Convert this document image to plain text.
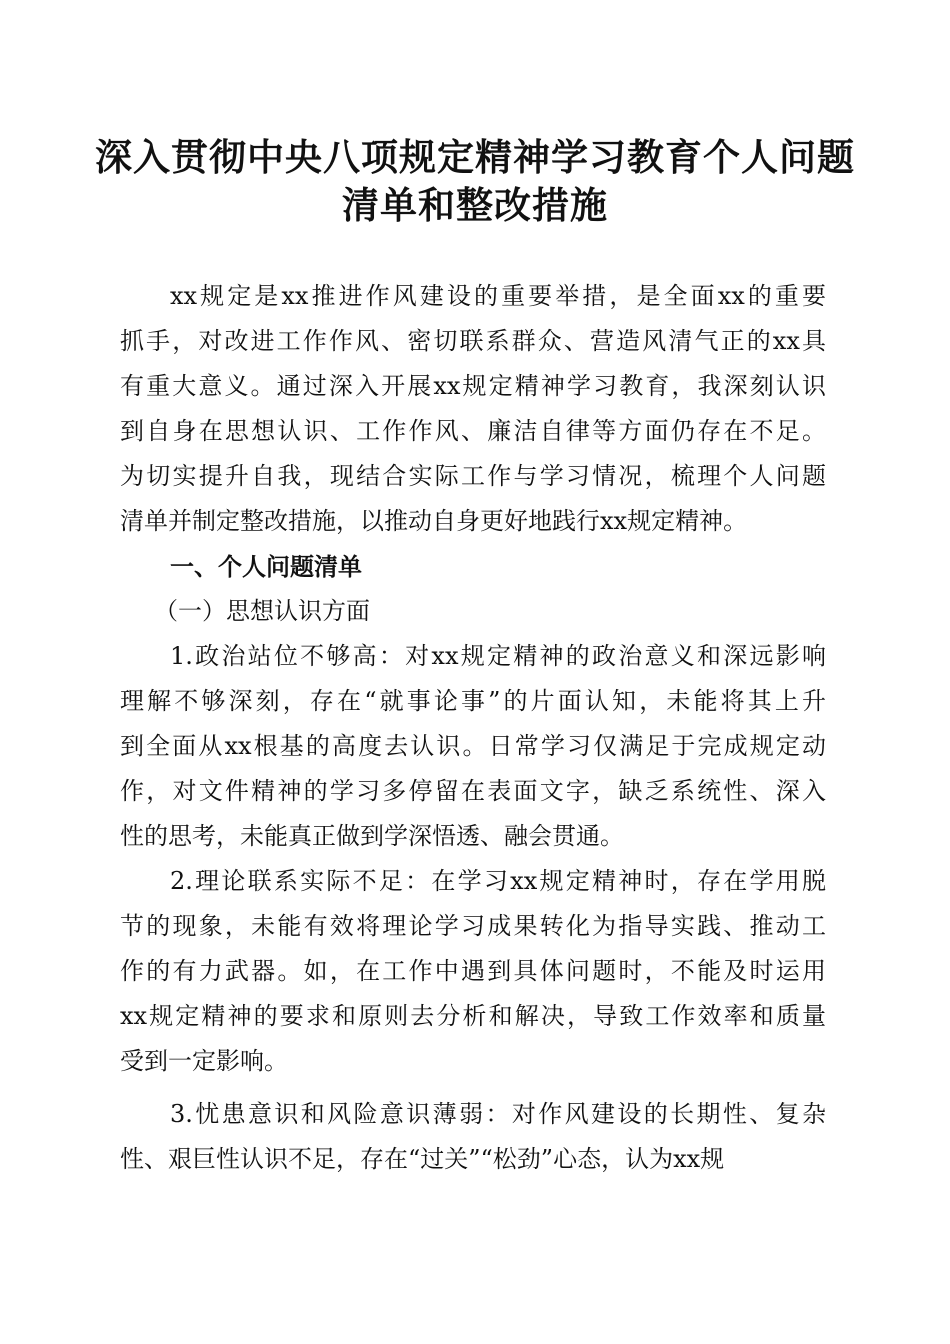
深入贯彻中央八项规定精神学习教育个人问题
清单和整改措施
xx规定是xx推进作风建设的重要举措，是全面xx的重要
抓手，对改进工作作风、密切联系群众、营造风清气正的xx具
有重大意义。通过深入开展xx规定精神学习教育，我深刻认识
到自身在思想认识、工作作风、廉洁自律等方面仍存在不足。
为切实提升自我，现结合实际工作与学习情况，梳理个人问题
清单并制定整改措施，以推动自身更好地践行xx规定精神。
一、个人问题清单
（一）思想认识方面
1.政治站位不够高：对xx规定精神的政治意义和深远影响
理解不够深刻，存在“就事论事”的片面认知，未能将其上升
到全面从xx根基的高度去认识。日常学习仅满足于完成规定动
作，对文件精神的学习多停留在表面文字，缺乏系统性、深入
性的思考，未能真正做到学深悟透、融会贯通。
2.理论联系实际不足：在学习xx规定精神时，存在学用脱
节的现象，未能有效将理论学习成果转化为指导实践、推动工
作的有力武器。如，在工作中遇到具体问题时，不能及时运用
xx规定精神的要求和原则去分析和解决，导致工作效率和质量
受到一定影响。
3.忧患意识和风险意识薄弱：对作风建设的长期性、复杂
性、艰巨性认识不足，存在“过关”“松劲”心态，认为xx规
